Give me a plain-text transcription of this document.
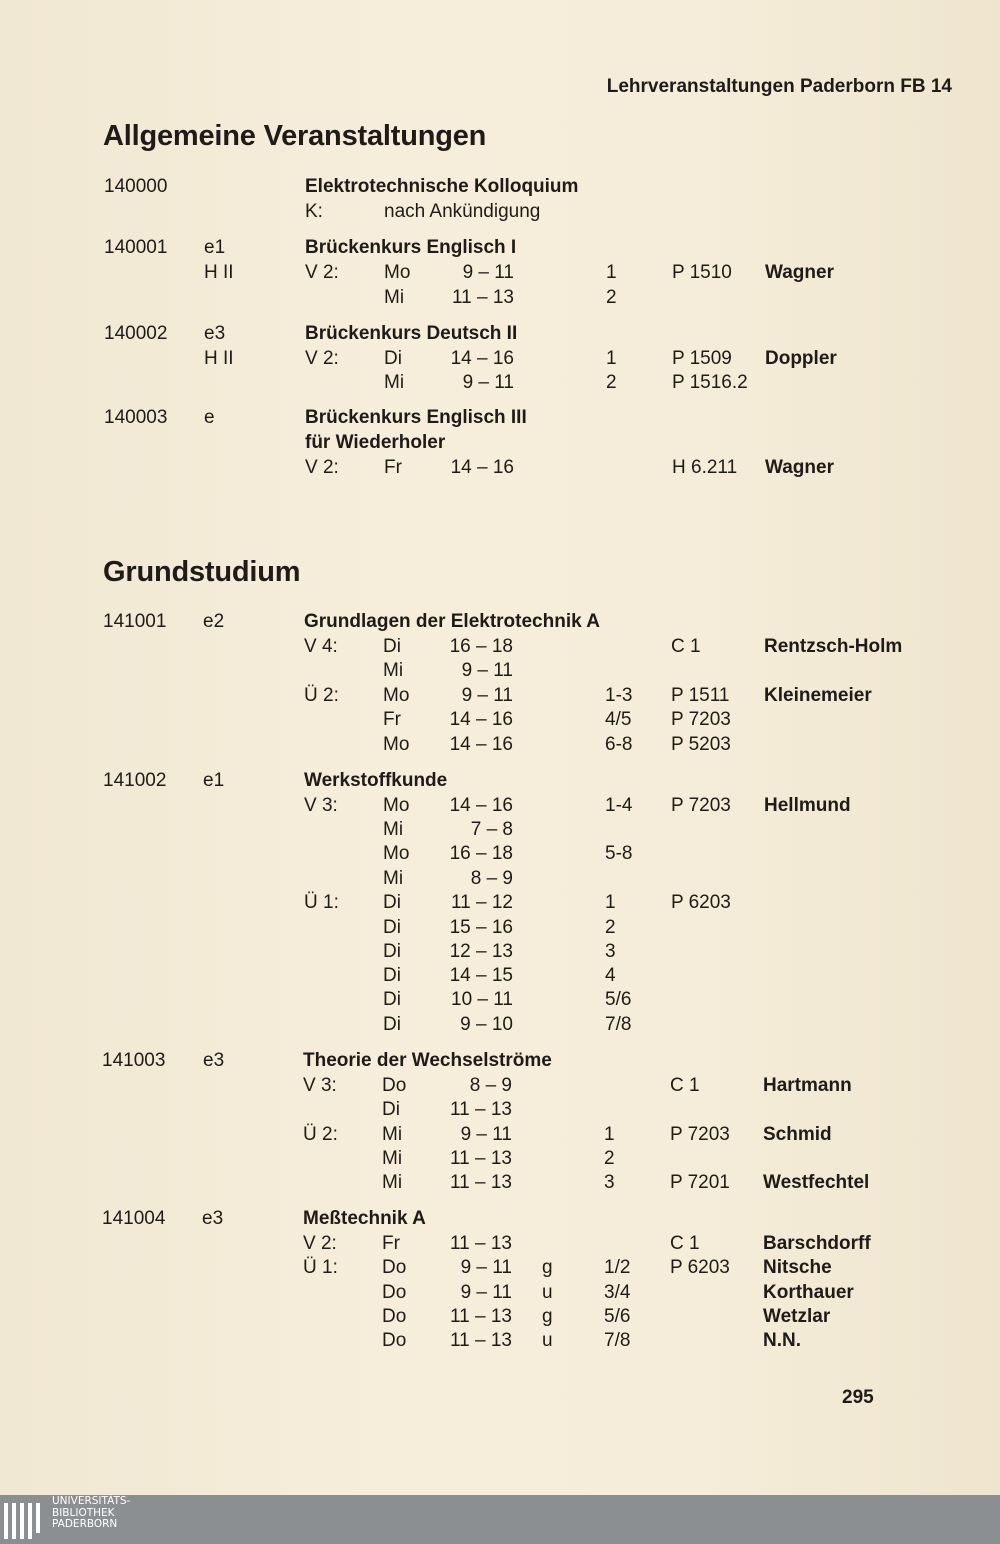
Lehrveranstaltungen Paderborn FB 14
Allgemeine Veranstaltungen
Grundstudium
140000	Elektrotechnische Kolloquium
K:	nach Ankündigung
140001 e1	Brückenkurs Englisch I
H II	V 2: Mo	9 – 11	1	P 1510 Wagner
Mi	11 – 13	2
140002 e3	Brückenkurs Deutsch II
H II	V 2: Di	14 – 16	1	P 1509 Doppler
Mi	9 – 11	2	P 1516.2
140003 e	Brückenkurs Englisch III
für Wiederholer
V 2: Fr	14 – 16	H 6.211 Wagner
141001 e2	Grundlagen der Elektrotechnik A
V 4: Di	16 – 18	C 1	Rentzsch-Holm
Mi	9 – 11
Ü 2: Mo	9 – 11	1-3 P 1511 Kleinemeier
Fr	14 – 16	4/5 P 7203
Mo	14 – 16	6-8 P 5203
141002 e1	Werkstoffkunde
V 3: Mo	14 – 16	1-4 P 7203 Hellmund
Mi	7 – 8
Mo	16 – 18	5-8
Mi	8 – 9
Ü 1: Di	11 – 12	1	P 6203
Di	15 – 16	2
Di	12 – 13	3
Di	14 – 15	4
Di	10 – 11	5/6
Di	9 – 10	7/8
141003 e3	Theorie der Wechselströme
V 3: Do	8 – 9	C 1	Hartmann
Di	11 – 13
Ü 2: Mi	9 – 11	1	P 7203 Schmid
Mi	11 – 13	2
Mi	11 – 13	3	P 7201 Westfechtel
141004 e3	Meßtechnik A
V 2: Fr	11 – 13	C 1	Barschdorff
Ü 1: Do	9 – 11 g	1/2 P 6203 Nitsche
Do	9 – 11 u	3/4	Korthauer
Do	11 – 13 g	5/6	Wetzlar
Do	11 – 13 u	7/8	N.N.
295
UNIVERSITÄTS-
BIBLIOTHEK
PADERBORN
